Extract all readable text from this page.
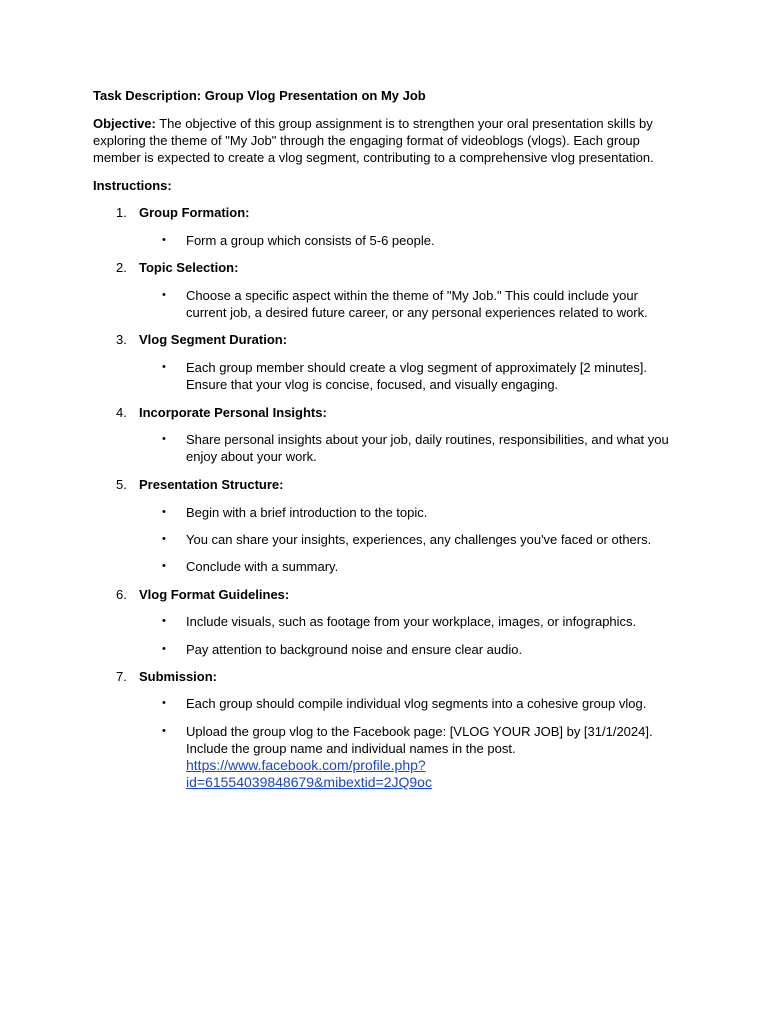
Task Description: Group Vlog Presentation on My Job
Objective: The objective of this group assignment is to strengthen your oral presentation skills by
exploring the theme of "My Job" through the engaging format of videoblogs (vlogs). Each group
member is expected to create a vlog segment, contributing to a comprehensive vlog presentation.
Instructions:
1. Group Formation:
• Form a group which consists of 5-6 people.
2. Topic Selection:
• Choose a specific aspect within the theme of "My Job." This could include your
current job, a desired future career, or any personal experiences related to work.
3. Vlog Segment Duration:
• Each group member should create a vlog segment of approximately [2 minutes].
Ensure that your vlog is concise, focused, and visually engaging.
4. Incorporate Personal Insights:
• Share personal insights about your job, daily routines, responsibilities, and what you
enjoy about your work.
5. Presentation Structure:
• Begin with a brief introduction to the topic.
• You can share your insights, experiences, any challenges you've faced or others.
• Conclude with a summary.
6. Vlog Format Guidelines:
• Include visuals, such as footage from your workplace, images, or infographics.
• Pay attention to background noise and ensure clear audio.
7. Submission:
• Each group should compile individual vlog segments into a cohesive group vlog.
• Upload the group vlog to the Facebook page: [VLOG YOUR JOB] by [31/1/2024].
Include the group name and individual names in the post.
https://www.facebook.com/profile.php?
id=61554039848679&mibextid=2JQ9oc
